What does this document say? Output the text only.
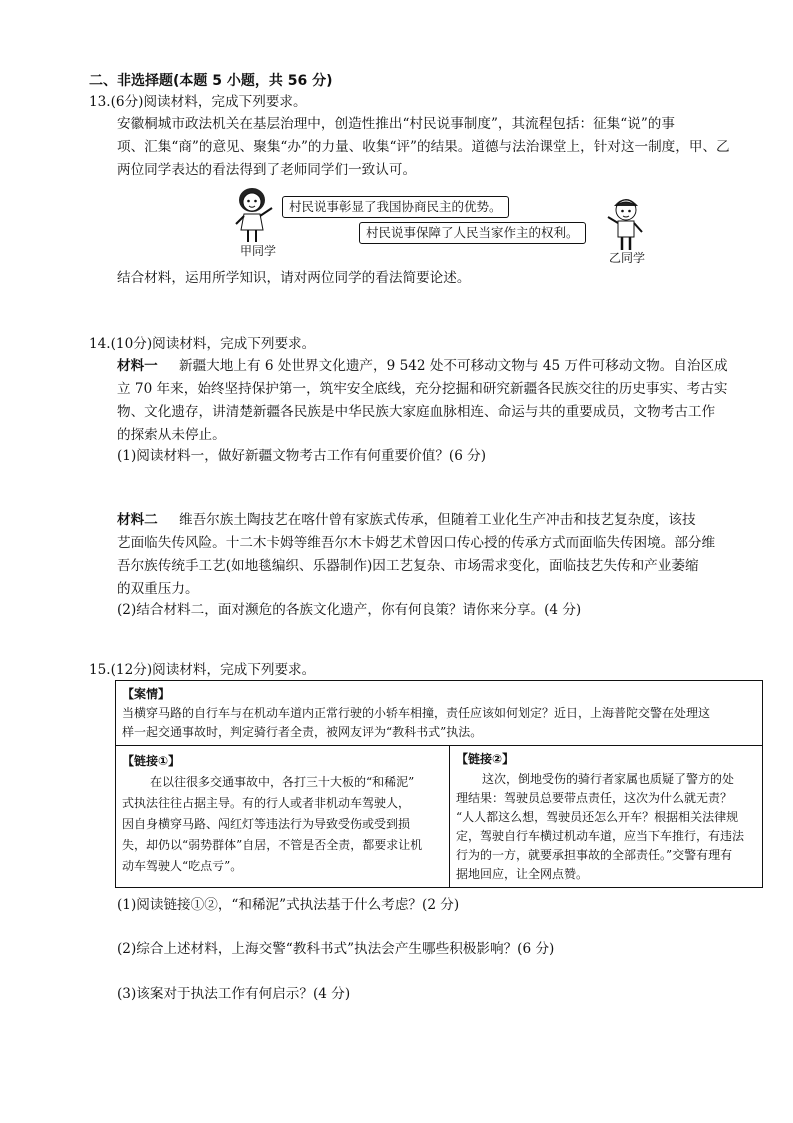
二、非选择题(本题 5 小题，共 56 分)
13.(6分)阅读材料，完成下列要求。
安徽桐城市政法机关在基层治理中，创造性推出“村民说事制度”，其流程包括：征集“说”的事
项、汇集“商”的意见、聚集“办”的力量、收集“评”的结果。道德与法治课堂上，针对这一制度，甲、乙
两位同学表达的看法得到了老师同学们一致认可。
甲同学
村民说事彰显了我国协商民主的优势。
乙同学
村民说事保障了人民当家作主的权利。
结合材料，运用所学知识，请对两位同学的看法简要论述。
14.(10分)阅读材料，完成下列要求。
材料一 新疆大地上有 6 处世界文化遗产，9 542 处不可移动文物与 45 万件可移动文物。自治区成
立 70 年来，始终坚持保护第一，筑牢安全底线，充分挖掘和研究新疆各民族交往的历史事实、考古实
物、文化遗存，讲清楚新疆各民族是中华民族大家庭血脉相连、命运与共的重要成员，文物考古工作
的探索从未停止。
(1)阅读材料一，做好新疆文物考古工作有何重要价值？(6 分)
材料二 维吾尔族土陶技艺在喀什曾有家族式传承，但随着工业化生产冲击和技艺复杂度，该技
艺面临失传风险。十二木卡姆等维吾尔木卡姆艺术曾因口传心授的传承方式而面临失传困境。部分维
吾尔族传统手工艺(如地毯编织、乐器制作)因工艺复杂、市场需求变化，面临技艺失传和产业萎缩
的双重压力。
(2)结合材料二，面对濒危的各族文化遗产，你有何良策？请你来分享。(4 分)
15.(12分)阅读材料，完成下列要求。
【案情】
当横穿马路的自行车与在机动车道内正常行驶的小轿车相撞，责任应该如何划定？近日，上海普陀交警在处理这
样一起交通事故时，判定骑行者全责，被网友评为“教科书式”执法。
【链接①】
在以往很多交通事故中，各打三十大板的“和稀泥”
式执法往往占据主导。有的行人或者非机动车驾驶人，
因自身横穿马路、闯红灯等违法行为导致受伤或受到损
失，却仍以“弱势群体”自居，不管是否全责，都要求让机
动车驾驶人“吃点亏”。
【链接②】
这次，倒地受伤的骑行者家属也质疑了警方的处
理结果：驾驶员总要带点责任，这次为什么就无责？
“人人都这么想，驾驶员还怎么开车？根据相关法律规
定，驾驶自行车横过机动车道，应当下车推行，有违法
行为的一方，就要承担事故的全部责任。”交警有理有
据地回应，让全网点赞。
(1)阅读链接①②，“和稀泥”式执法基于什么考虑？(2 分)
(2)综合上述材料，上海交警“教科书式”执法会产生哪些积极影响？(6 分)
(3)该案对于执法工作有何启示？(4 分)
